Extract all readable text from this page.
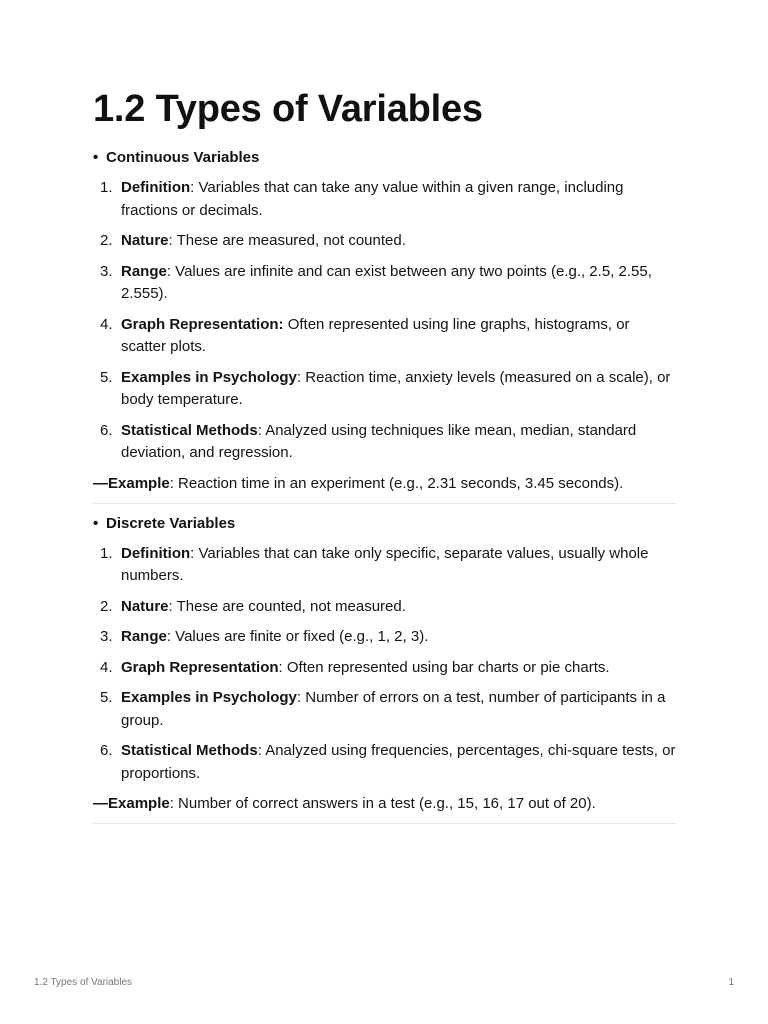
1.2 Types of Variables
• Continuous Variables
1. Definition: Variables that can take any value within a given range, including fractions or decimals.
2. Nature: These are measured, not counted.
3. Range: Values are infinite and can exist between any two points (e.g., 2.5, 2.55, 2.555).
4. Graph Representation: Often represented using line graphs, histograms, or scatter plots.
5. Examples in Psychology: Reaction time, anxiety levels (measured on a scale), or body temperature.
6. Statistical Methods: Analyzed using techniques like mean, median, standard deviation, and regression.
—Example: Reaction time in an experiment (e.g., 2.31 seconds, 3.45 seconds).
• Discrete Variables
1. Definition: Variables that can take only specific, separate values, usually whole numbers.
2. Nature: These are counted, not measured.
3. Range: Values are finite or fixed (e.g., 1, 2, 3).
4. Graph Representation: Often represented using bar charts or pie charts.
5. Examples in Psychology: Number of errors on a test, number of participants in a group.
6. Statistical Methods: Analyzed using frequencies, percentages, chi-square tests, or proportions.
—Example: Number of correct answers in a test (e.g., 15, 16, 17 out of 20).
1.2 Types of Variables	1
